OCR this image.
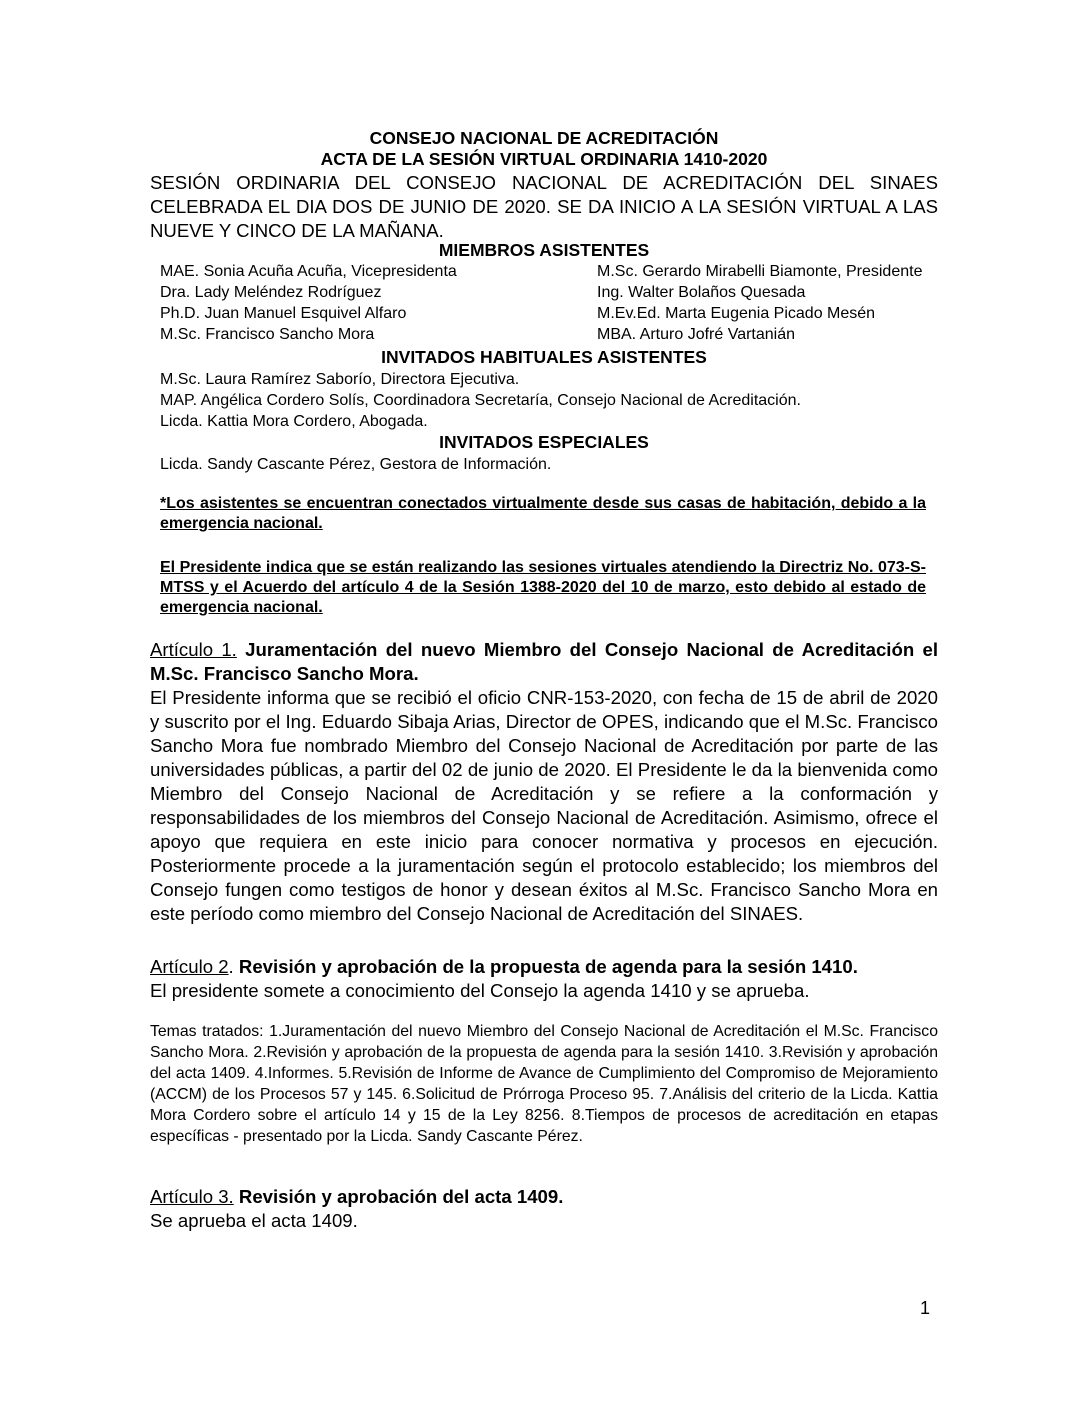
CONSEJO NACIONAL DE ACREDITACIÓN
ACTA DE LA SESIÓN VIRTUAL ORDINARIA 1410-2020

SESIÓN ORDINARIA DEL CONSEJO NACIONAL DE ACREDITACIÓN DEL SINAES CELEBRADA EL DIA DOS DE JUNIO DE 2020. SE DA INICIO A LA SESIÓN VIRTUAL A LAS NUEVE Y CINCO DE LA MAÑANA.

MIEMBROS ASISTENTES
MAE. Sonia Acuña Acuña, Vicepresidenta
Dra. Lady Meléndez Rodríguez
Ph.D. Juan Manuel Esquivel Alfaro
M.Sc. Francisco Sancho Mora
M.Sc. Gerardo Mirabelli Biamonte, Presidente
Ing. Walter Bolaños Quesada
M.Ev.Ed. Marta Eugenia Picado Mesén
MBA. Arturo Jofré Vartanián
INVITADOS HABITUALES ASISTENTES
M.Sc. Laura Ramírez Saborío, Directora Ejecutiva.
MAP. Angélica Cordero Solís, Coordinadora Secretaría, Consejo Nacional de Acreditación.
Licda. Kattia Mora Cordero, Abogada.
INVITADOS ESPECIALES
Licda. Sandy Cascante Pérez, Gestora de Información.

*Los asistentes se encuentran conectados virtualmente desde sus casas de habitación, debido a la emergencia nacional.

El Presidente indica que se están realizando las sesiones virtuales atendiendo la Directriz No. 073-S-MTSS y el Acuerdo del artículo 4 de la Sesión 1388-2020 del 10 de marzo, esto debido al estado de emergencia nacional.

Artículo 1. Juramentación del nuevo Miembro del Consejo Nacional de Acreditación el M.Sc. Francisco Sancho Mora.

El Presidente informa que se recibió el oficio CNR-153-2020, con fecha de 15 de abril de 2020 y suscrito por el Ing. Eduardo Sibaja Arias, Director de OPES, indicando que el M.Sc. Francisco Sancho Mora fue nombrado Miembro del Consejo Nacional de Acreditación por parte de las universidades públicas, a partir del 02 de junio de 2020. El Presidente le da la bienvenida como Miembro del Consejo Nacional de Acreditación y se refiere a la conformación y responsabilidades de los miembros del Consejo Nacional de Acreditación. Asimismo, ofrece el apoyo que requiera en este inicio para conocer normativa y procesos en ejecución. Posteriormente procede a la juramentación según el protocolo establecido; los miembros del Consejo fungen como testigos de honor y desean éxitos al M.Sc. Francisco Sancho Mora en este período como miembro del Consejo Nacional de Acreditación del SINAES.

Artículo 2. Revisión y aprobación de la propuesta de agenda para la sesión 1410.

El presidente somete a conocimiento del Consejo la agenda 1410 y se aprueba.

Temas tratados: 1.Juramentación del nuevo Miembro del Consejo Nacional de Acreditación el M.Sc. Francisco Sancho Mora. 2.Revisión y aprobación de la propuesta de agenda para la sesión 1410. 3.Revisión y aprobación del acta 1409. 4.Informes. 5.Revisión de Informe de Avance de Cumplimiento del Compromiso de Mejoramiento (ACCM) de los Procesos 57 y 145. 6.Solicitud de Prórroga Proceso 95. 7.Análisis del criterio de la Licda. Kattia Mora Cordero sobre el artículo 14 y 15 de la Ley 8256. 8.Tiempos de procesos de acreditación en etapas específicas - presentado por la Licda. Sandy Cascante Pérez.

Artículo 3. Revisión y aprobación del acta 1409.

Se aprueba el acta 1409.

1
